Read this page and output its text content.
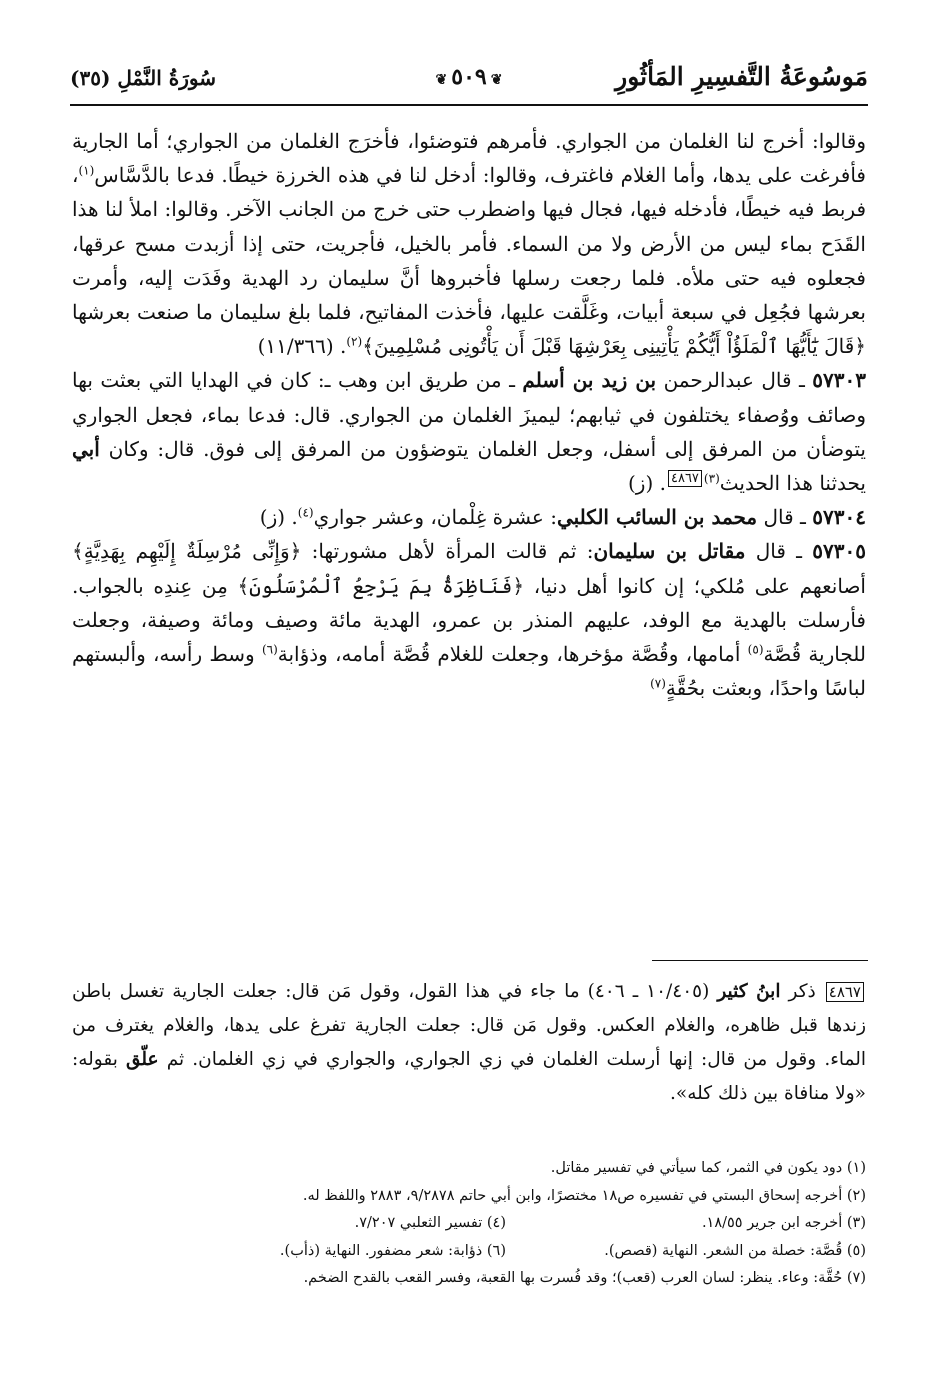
مَوسُوعَةُ التَّفسِيرِ المَأثُورِ
❦٥٠٩❦
سُورَةُ النَّمْلِ (٣٥)

وقالوا: أخرج لنا الغلمان من الجواري. فأمرهم فتوضئوا، فأخرَج الغلمان من الجواري؛ أما الجارية فأفرغت على يدها، وأما الغلام فاغترف، وقالوا: أدخل لنا في هذه الخرزة خيطًا. فدعا بالدَّسَّاس$^{(١)}$، فربط فيه خيطًا، فأدخله فيها، فجال فيها واضطرب حتى خرج من الجانب الآخر. وقالوا: املأ لنا هذا القَدَح بماء ليس من الأرض ولا من السماء. فأمر بالخيل، فأجريت، حتى إذا أزبدت مسح عرقها، فجعلوه فيه حتى ملأه. فلما رجعت رسلها فأخبروها أنَّ سليمان رد الهدية وفَدَت إليه، وأمرت بعرشها فجُعِل في سبعة أبيات، وغَلَّقت عليها، فأخذت المفاتيح، فلما بلغ سليمان ما صنعت بعرشها ﴿قَالَ يَٰٓأَيُّهَا ٱلْمَلَؤُاْ أَيُّكُمْ يَأْتِينِى بِعَرْشِهَا قَبْلَ أَن يَأْتُونِى مُسْلِمِينَ﴾$^{(٢)}$. (١١/٣٦٦)

٥٧٣٠٣ ـ قال عبدالرحمن بن زيد بن أسلم ـ من طريق ابن وهب ـ: كان في الهدايا التي بعثت بها وصائف ووُصفاء يختلفون في ثيابهم؛ ليميزَ الغلمان من الجواري. قال: فدعا بماء، فجعل الجواري يتوضأن من المرفق إلى أسفل، وجعل الغلمان يتوضؤون من المرفق إلى فوق. قال: وكان أبي يحدثنا هذا الحديث$^{(٣)٤٨٦٧}$. (ز)

٥٧٣٠٤ ـ قال محمد بن السائب الكلبي: عشرة غِلْمان، وعشر جواري$^{(٤)}$. (ز)

٥٧٣٠٥ ـ قال مقاتل بن سليمان: ثم قالت المرأة لأهل مشورتها: ﴿وَإِنِّى مُرْسِلَةٌ إِلَيْهِم بِهَدِيَّةٍ﴾ أصانعهم على مُلكي؛ إن كانوا أهل دنيا، ﴿فَنَاظِرَةُۢ بِمَ يَرْجِعُ ٱلْمُرْسَلُونَ﴾ مِن عِندِه بالجواب. فأرسلت بالهدية مع الوفد، عليهم المنذر بن عمرو، الهدية مائة وصيف ومائة وصيفة، وجعلت للجارية قُصَّة$^{(٥)}$ أمامها، وقُصَّة مؤخرها، وجعلت للغلام قُصَّة أمامه، وذؤابة$^{(٦)}$ وسط رأسه، وألبستهم لباسًا واحدًا، وبعثت بحُقَّةٍ$^{(٧)}$

٤٨٦٧ ذكر ابنُ كثير (١٠/٤٠٥ ـ ٤٠٦) ما جاء في هذا القول، وقول مَن قال: جعلت الجارية تغسل باطن زندها قبل ظاهره، والغلام العكس. وقول مَن قال: جعلت الجارية تفرغ على يدها، والغلام يغترف من الماء. وقول من قال: إنها أرسلت الغلمان في زي الجواري، والجواري في زي الغلمان. ثم علّق بقوله: «ولا منافاة بين ذلك كله».

(١) دود يكون في الثمر، كما سيأتي في تفسير مقاتل.
(٢) أخرجه إسحاق البستي في تفسيره ص١٨ مختصرًا، وابن أبي حاتم ٩/٢٨٧٨، ٢٨٨٣ واللفظ له.
(٣) أخرجه ابن جرير ١٨/٥٥.
(٤) تفسير الثعلبي ٧/٢٠٧.
(٥) قُصَّة: خصلة من الشعر. النهاية (قصص).
(٦) ذؤابة: شعر مضفور. النهاية (ذأب).
(٧) حُقَّة: وعاء. ينظر: لسان العرب (قعب)؛ وقد فُسرت بها القعبة، وفسر القعب بالقدح الضخم.
